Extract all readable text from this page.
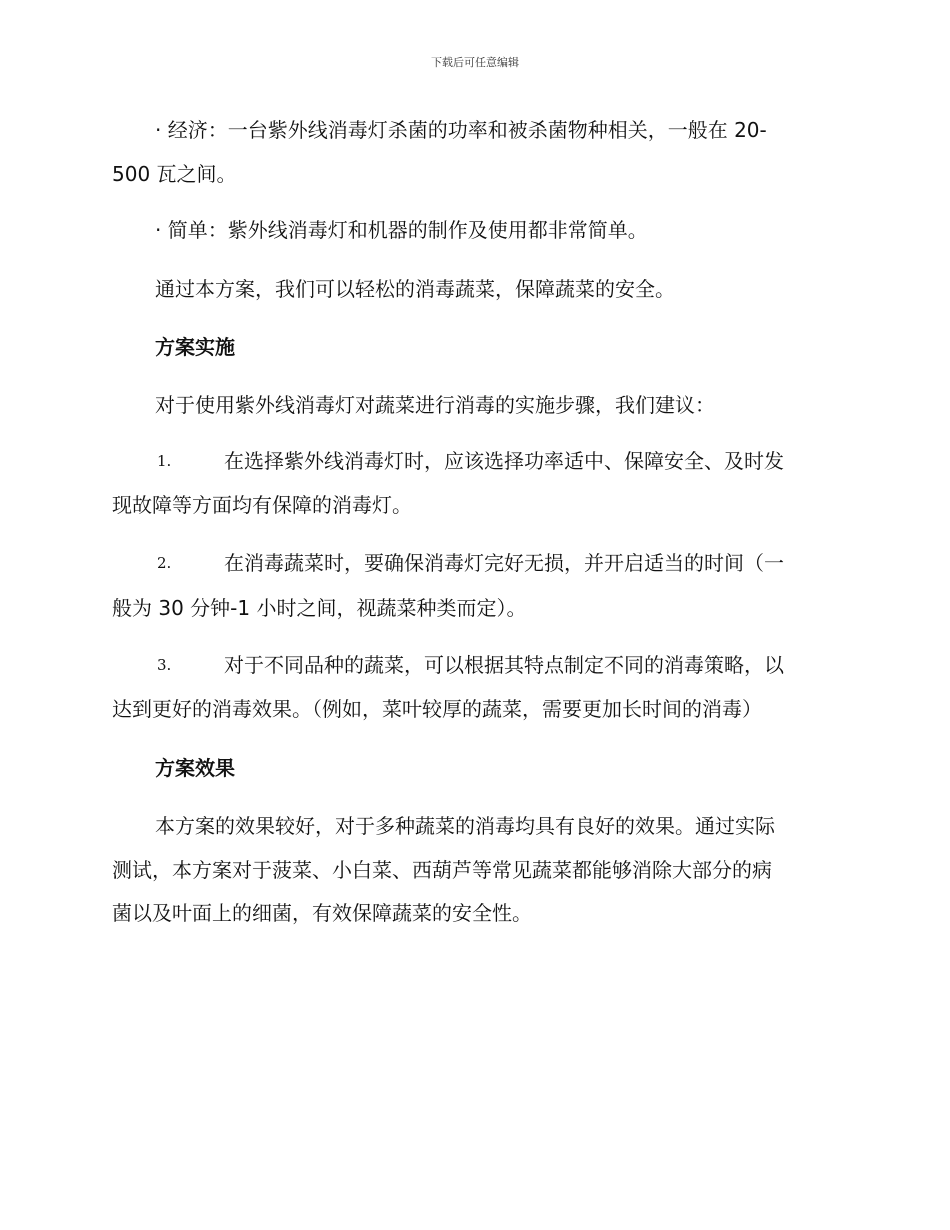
下载后可任意编辑
· 经济：一台紫外线消毒灯杀菌的功率和被杀菌物种相关，一般在 20-
500 瓦之间。
· 简单：紫外线消毒灯和机器的制作及使用都非常简单。
通过本方案，我们可以轻松的消毒蔬菜，保障蔬菜的安全。
方案实施
对于使用紫外线消毒灯对蔬菜进行消毒的实施步骤，我们建议：
1.	在选择紫外线消毒灯时，应该选择功率适中、保障安全、及时发
现故障等方面均有保障的消毒灯。
2.	在消毒蔬菜时，要确保消毒灯完好无损，并开启适当的时间（一
般为 30 分钟-1 小时之间，视蔬菜种类而定）。
3.	对于不同品种的蔬菜，可以根据其特点制定不同的消毒策略，以
达到更好的消毒效果。（例如，菜叶较厚的蔬菜，需要更加长时间的消毒）
方案效果
本方案的效果较好，对于多种蔬菜的消毒均具有良好的效果。通过实际
测试，本方案对于菠菜、小白菜、西葫芦等常见蔬菜都能够消除大部分的病
菌以及叶面上的细菌，有效保障蔬菜的安全性。
